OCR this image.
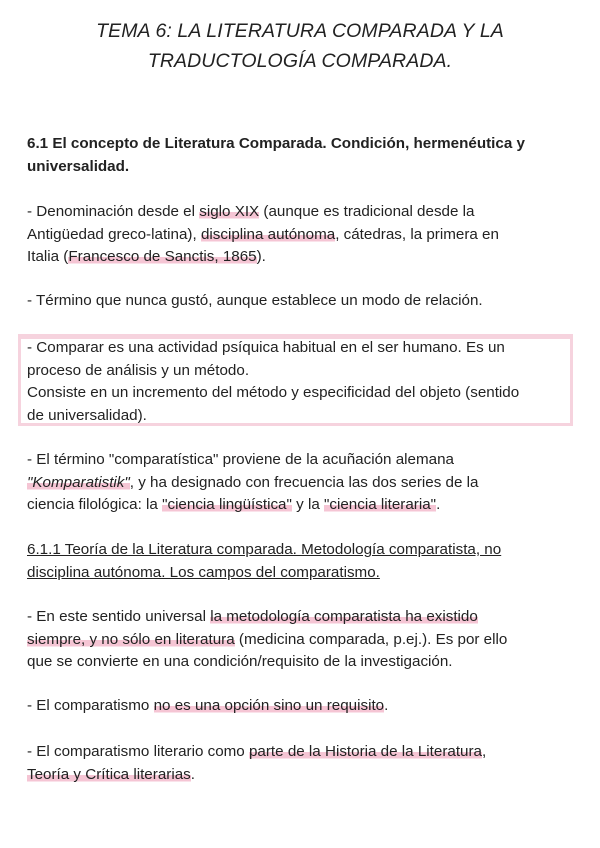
TEMA 6: LA LITERATURA COMPARADA Y LA
TRADUCTOLOGÍA COMPARADA.
6.1 El concepto de Literatura Comparada. Condición, hermenéutica y
universalidad.
- Denominación desde el siglo XIX (aunque es tradicional desde la
Antigüedad greco-latina), disciplina autónoma, cátedras, la primera en
Italia (Francesco de Sanctis, 1865).
- Término que nunca gustó, aunque establece un modo de relación.
- Comparar es una actividad psíquica habitual en el ser humano. Es un
proceso de análisis y un método.
Consiste en un incremento del método y especificidad del objeto (sentido
de universalidad).
- El término "comparatística" proviene de la acuñación alemana
"Komparatistik", y ha designado con frecuencia las dos series de la
ciencia filológica: la "ciencia lingüística" y la "ciencia literaria".
6.1.1 Teoría de la Literatura comparada. Metodología comparatista, no
disciplina autónoma. Los campos del comparatismo.
- En este sentido universal la metodología comparatista ha existido
siempre, y no sólo en literatura (medicina comparada, p.ej.). Es por ello
que se convierte en una condición/requisito de la investigación.
- El comparatismo no es una opción sino un requisito.
- El comparatismo literario como parte de la Historia de la Literatura,
Teoría y Crítica literarias.
